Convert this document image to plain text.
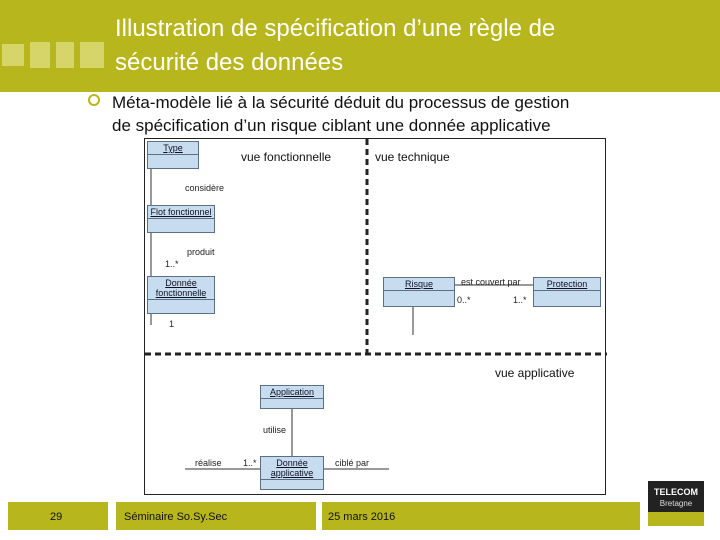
Illustration de spécification d’une règle de
sécurité des données
Méta-modèle lié à la sécurité déduit du processus de gestion
de spécification d’un risque ciblant une donnée applicative
Type
Flot fonctionnel
Donnée
fonctionnelle
Risque	Protection
Application
Donnée
applicative
vue fonctionnelle	vue technique
vue applicative
considère
produit
1..*
1
est couvert par
0..*	1..*
utilise
réalise 1..*	ciblé par
29	Séminaire So.Sy.Sec	25 mars 2016
TELECOM
Bretagne
